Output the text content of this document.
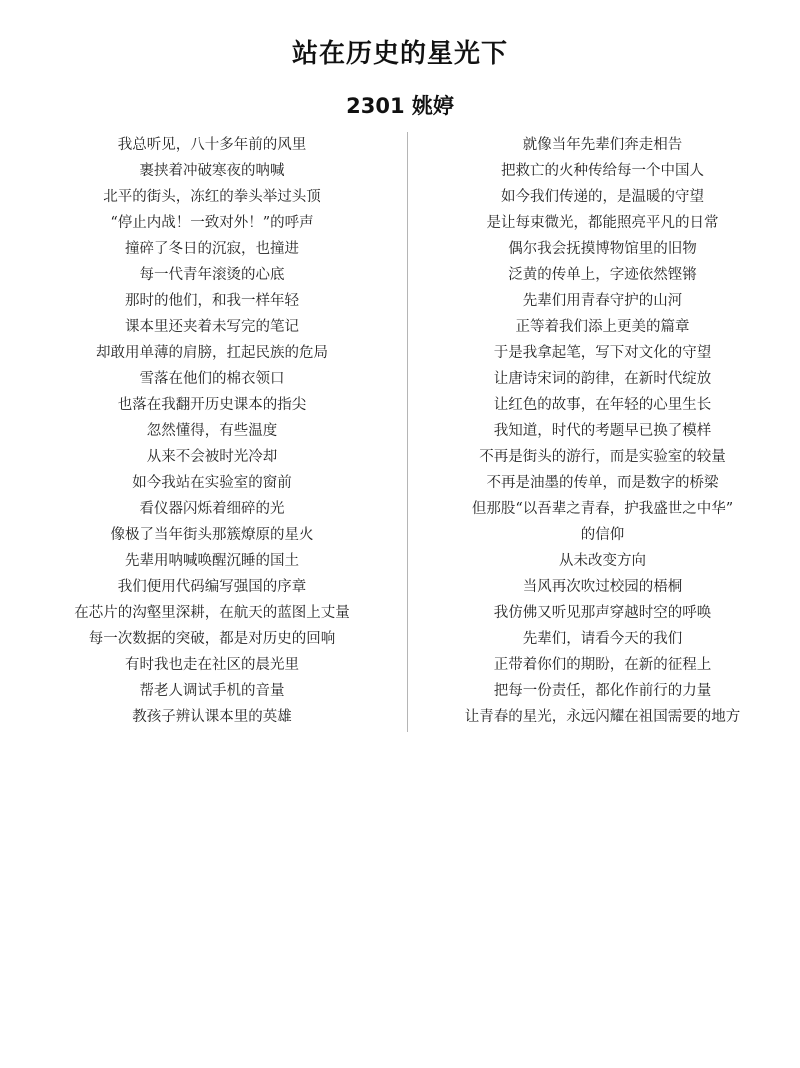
站在历史的星光下
2301 姚婷
我总听见，八十多年前的风里
裹挟着冲破寒夜的呐喊
北平的街头，冻红的拳头举过头顶
“停止内战！一致对外！”的呼声
撞碎了冬日的沉寂，也撞进
每一代青年滚烫的心底
那时的他们，和我一样年轻
课本里还夹着未写完的笔记
却敢用单薄的肩膀，扛起民族的危局
雪落在他们的棉衣领口
也落在我翻开历史课本的指尖
忽然懂得，有些温度
从来不会被时光冷却
如今我站在实验室的窗前
看仪器闪烁着细碎的光
像极了当年街头那簇燎原的星火
先辈用呐喊唤醒沉睡的国土
我们便用代码编写强国的序章
在芯片的沟壑里深耕，在航天的蓝图上丈量
每一次数据的突破，都是对历史的回响
有时我也走在社区的晨光里
帮老人调试手机的音量
教孩子辨认课本里的英雄
就像当年先辈们奔走相告
把救亡的火种传给每一个中国人
如今我们传递的，是温暖的守望
是让每束微光，都能照亮平凡的日常
偶尔我会抚摸博物馆里的旧物
泛黄的传单上，字迹依然铿锵
先辈们用青春守护的山河
正等着我们添上更美的篇章
于是我拿起笔，写下对文化的守望
让唐诗宋词的韵律，在新时代绽放
让红色的故事，在年轻的心里生长
我知道，时代的考题早已换了模样
不再是街头的游行，而是实验室的较量
不再是油墨的传单，而是数字的桥梁
但那股“以吾辈之青春，护我盛世之中华”
的信仰
从未改变方向
当风再次吹过校园的梧桐
我仿佛又听见那声穿越时空的呼唤
先辈们，请看今天的我们
正带着你们的期盼，在新的征程上
把每一份责任，都化作前行的力量
让青春的星光，永远闪耀在祖国需要的地方
